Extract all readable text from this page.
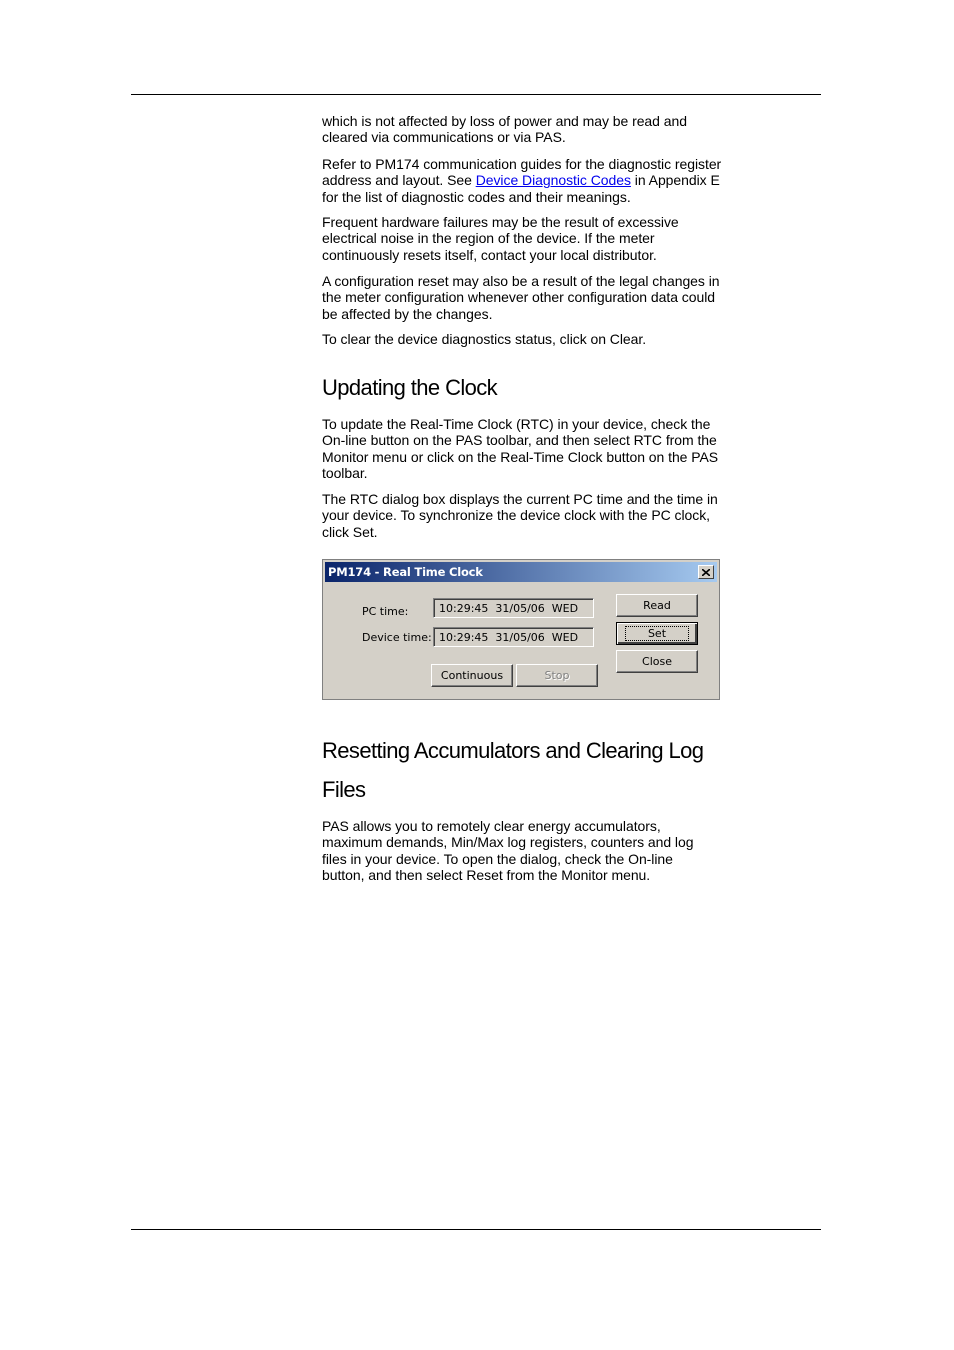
which is not affected by loss of power and may be read and cleared via communications or via PAS.

Refer to PM174 communication guides for the diagnostic register address and layout. See Device Diagnostic Codes in Appendix E for the list of diagnostic codes and their meanings.

Frequent hardware failures may be the result of excessive electrical noise in the region of the device. If the meter continuously resets itself, contact your local distributor.

A configuration reset may also be a result of the legal changes in the meter configuration whenever other configuration data could be affected by the changes.

To clear the device diagnostics status, click on Clear.

Updating the Clock

To update the Real-Time Clock (RTC) in your device, check the On-line button on the PAS toolbar, and then select RTC from the Monitor menu or click on the Real-Time Clock button on the PAS toolbar.

The RTC dialog box displays the current PC time and the time in your device. To synchronize the device clock with the PC clock, click Set.

PM174 - Real Time Clock
PC time:	10:29:45  31/05/06  WED
Device time: 10:29:45  31/05/06  WED
Read
Set
Close
Continuous	Stop
Resetting Accumulators and Clearing Log
Files

PAS allows you to remotely clear energy accumulators, maximum demands, Min/Max log registers, counters and log files in your device. To open the dialog, check the On-line button, and then select Reset from the Monitor menu.
